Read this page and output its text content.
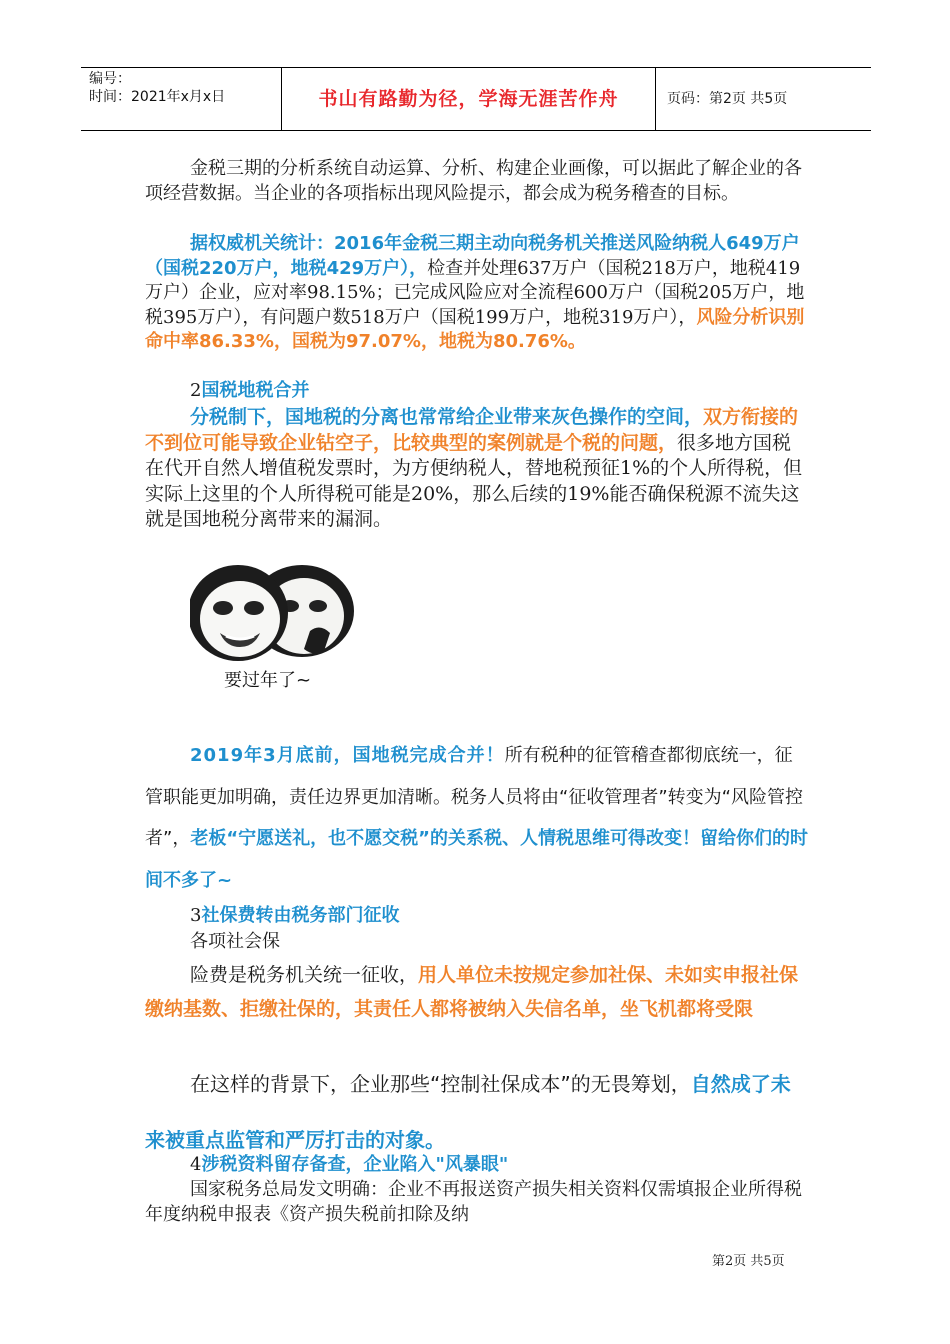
编号：
时间：2021年x月x日	书山有路勤为径，学海无涯苦作舟	页码：第2页 共5页

金税三期的分析系统自动运算、分析、构建企业画像，可以据此了解企业的各项经营数据。当企业的各项指标出现风险提示，都会成为税务稽查的目标。

据权威机关统计：2016年金税三期主动向税务机关推送风险纳税人649万户（国税220万户，地税429万户），检查并处理637万户（国税218万户，地税419万户）企业，应对率98.15%；已完成风险应对全流程600万户（国税205万户，地税395万户），有问题户数518万户（国税199万户，地税319万户），风险分析识别命中率86.33%，国税为97.07%，地税为80.76%。

2国税地税合并

分税制下，国地税的分离也常常给企业带来灰色操作的空间，双方衔接的不到位可能导致企业钻空子，比较典型的案例就是个税的问题，很多地方国税在代开自然人增值税发票时，为方便纳税人，替地税预征1%的个人所得税，但实际上这里的个人所得税可能是20%，那么后续的19%能否确保税源不流失这就是国地税分离带来的漏洞。

要过年了~

2019年3月底前，国地税完成合并！所有税种的征管稽查都彻底统一，征管职能更加明确，责任边界更加清晰。税务人员将由“征收管理者”转变为“风险管控者”，老板“宁愿送礼，也不愿交税”的关系税、人情税思维可得改变！留给你们的时间不多了~

3社保费转由税务部门征收
各项社会保

险费是税务机关统一征收，用人单位未按规定参加社保、未如实申报社保缴纳基数、拒缴社保的，其责任人都将被纳入失信名单，坐飞机都将受限

在这样的背景下，企业那些“控制社保成本”的无畏筹划，自然成了未来被重点监管和严厉打击的对象。

4涉税资料留存备查，企业陷入"风暴眼"

国家税务总局发文明确：企业不再报送资产损失相关资料仅需填报企业所得税年度纳税申报表《资产损失税前扣除及纳

第2页 共5页
